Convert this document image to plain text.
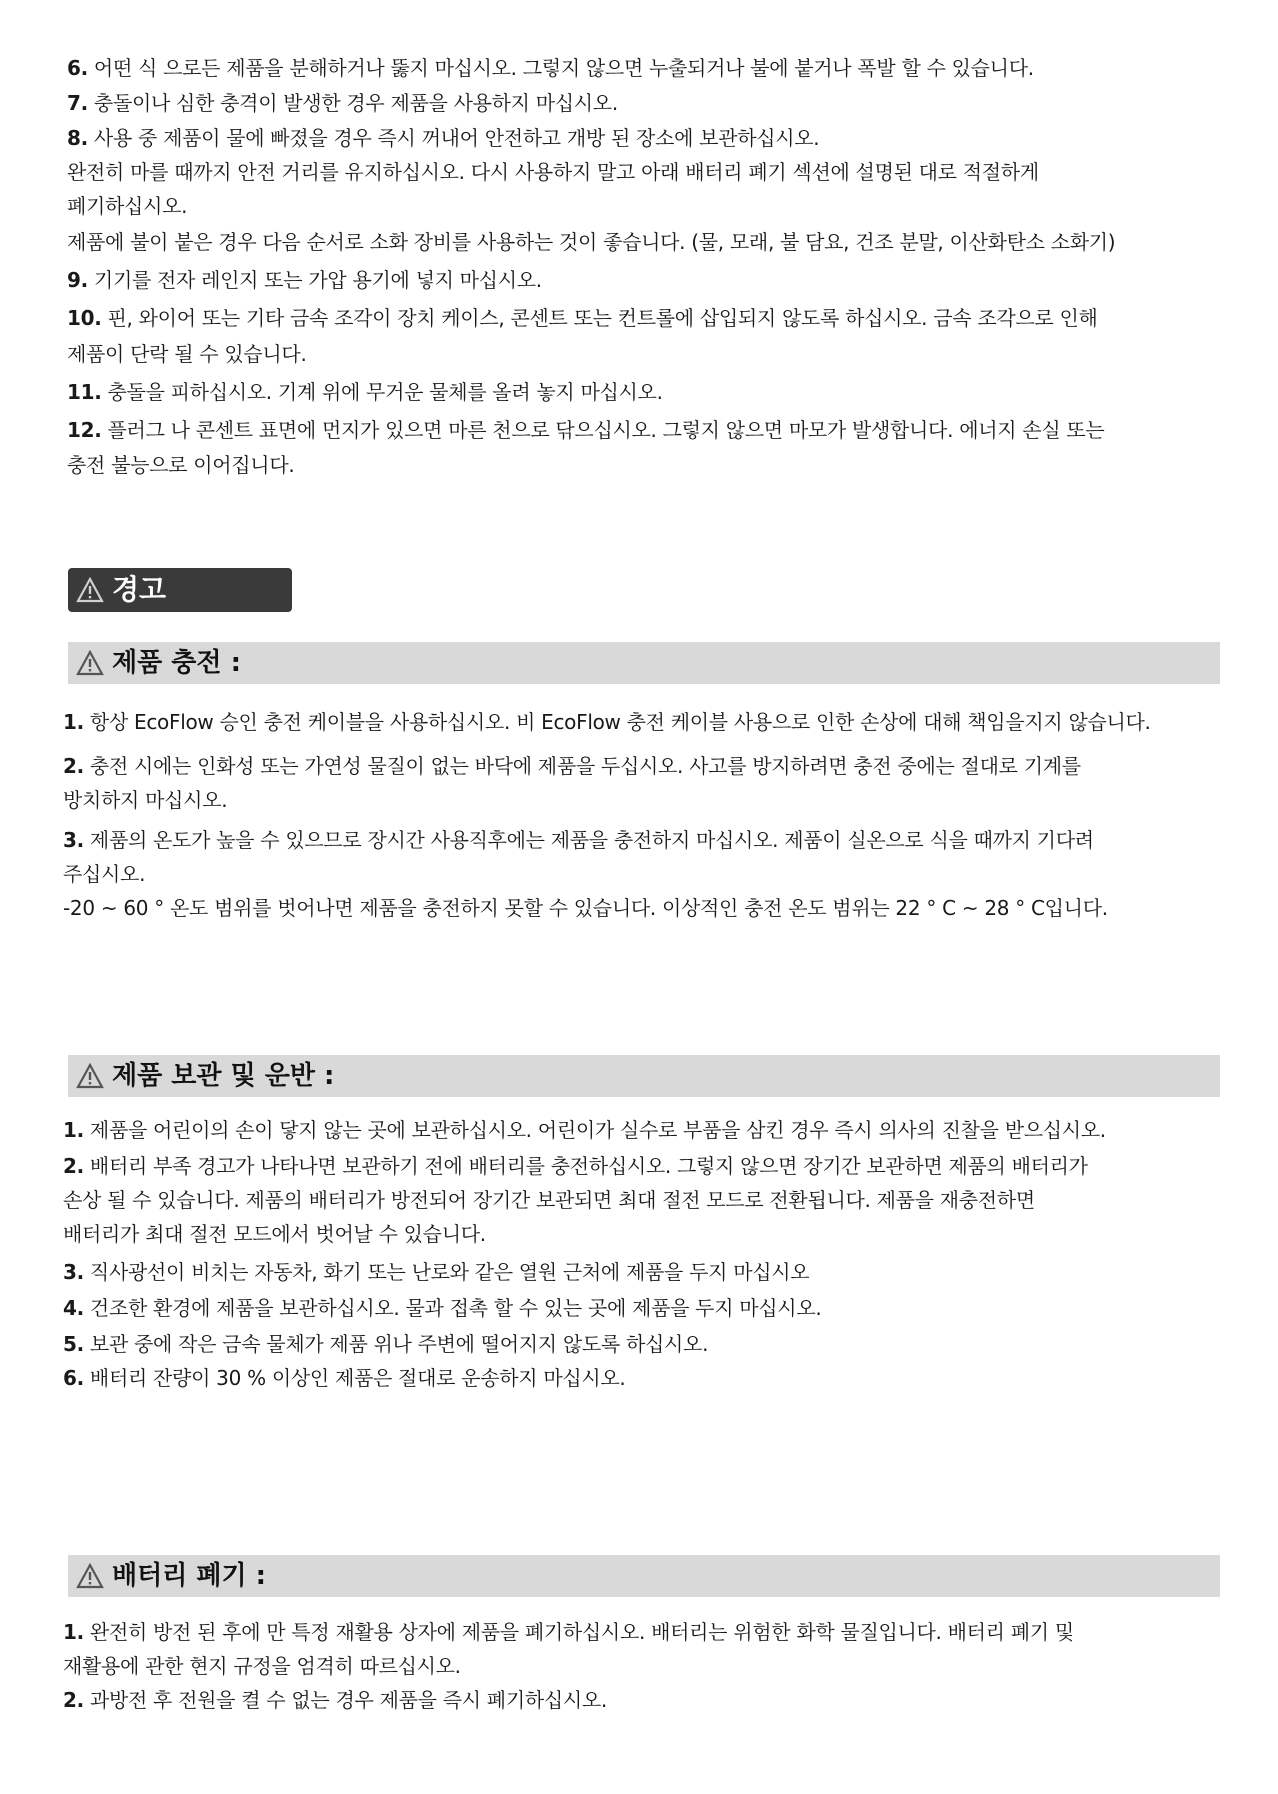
6. 어떤 식 으로든 제품을 분해하거나 뚫지 마십시오. 그렇지 않으면 누출되거나 불에 붙거나 폭발 할 수 있습니다.
7. 충돌이나 심한 충격이 발생한 경우 제품을 사용하지 마십시오.
8. 사용 중 제품이 물에 빠졌을 경우 즉시 꺼내어 안전하고 개방 된 장소에 보관하십시오.
완전히 마를 때까지 안전 거리를 유지하십시오. 다시 사용하지 말고 아래 배터리 폐기 섹션에 설명된 대로 적절하게
폐기하십시오.
제품에 불이 붙은 경우 다음 순서로 소화 장비를 사용하는 것이 좋습니다. (물, 모래, 불 담요, 건조 분말, 이산화탄소 소화기)
9. 기기를 전자 레인지 또는 가압 용기에 넣지 마십시오.
10. 핀, 와이어 또는 기타 금속 조각이 장치 케이스, 콘센트 또는 컨트롤에 삽입되지 않도록 하십시오. 금속 조각으로 인해
제품이 단락 될 수 있습니다.
11. 충돌을 피하십시오. 기계 위에 무거운 물체를 올려 놓지 마십시오.
12. 플러그 나 콘센트 표면에 먼지가 있으면 마른 천으로 닦으십시오. 그렇지 않으면 마모가 발생합니다. 에너지 손실 또는
충전 불능으로 이어집니다.
경고
제품 충전 :
1. 항상 EcoFlow 승인 충전 케이블을 사용하십시오. 비 EcoFlow 충전 케이블 사용으로 인한 손상에 대해 책임을지지 않습니다.
2. 충전 시에는 인화성 또는 가연성 물질이 없는 바닥에 제품을 두십시오. 사고를 방지하려면 충전 중에는 절대로 기계를
방치하지 마십시오.
3. 제품의 온도가 높을 수 있으므로 장시간 사용직후에는 제품을 충전하지 마십시오. 제품이 실온으로 식을 때까지 기다려
주십시오.
-20 ~ 60 ° 온도 범위를 벗어나면 제품을 충전하지 못할 수 있습니다. 이상적인 충전 온도 범위는 22 ° C ~ 28 ° C입니다.
제품 보관 및 운반 :
1. 제품을 어린이의 손이 닿지 않는 곳에 보관하십시오. 어린이가 실수로 부품을 삼킨 경우 즉시 의사의 진찰을 받으십시오.
2. 배터리 부족 경고가 나타나면 보관하기 전에 배터리를 충전하십시오. 그렇지 않으면 장기간 보관하면 제품의 배터리가
손상 될 수 있습니다. 제품의 배터리가 방전되어 장기간 보관되면 최대 절전 모드로 전환됩니다. 제품을 재충전하면
배터리가 최대 절전 모드에서 벗어날 수 있습니다.
3. 직사광선이 비치는 자동차, 화기 또는 난로와 같은 열원 근처에 제품을 두지 마십시오
4. 건조한 환경에 제품을 보관하십시오. 물과 접촉 할 수 있는 곳에 제품을 두지 마십시오.
5. 보관 중에 작은 금속 물체가 제품 위나 주변에 떨어지지 않도록 하십시오.
6. 배터리 잔량이 30 % 이상인 제품은 절대로 운송하지 마십시오.
배터리 폐기 :
1. 완전히 방전 된 후에 만 특정 재활용 상자에 제품을 폐기하십시오. 배터리는 위험한 화학 물질입니다. 배터리 폐기 및
재활용에 관한 현지 규정을 엄격히 따르십시오.
2. 과방전 후 전원을 켤 수 없는 경우 제품을 즉시 폐기하십시오.
